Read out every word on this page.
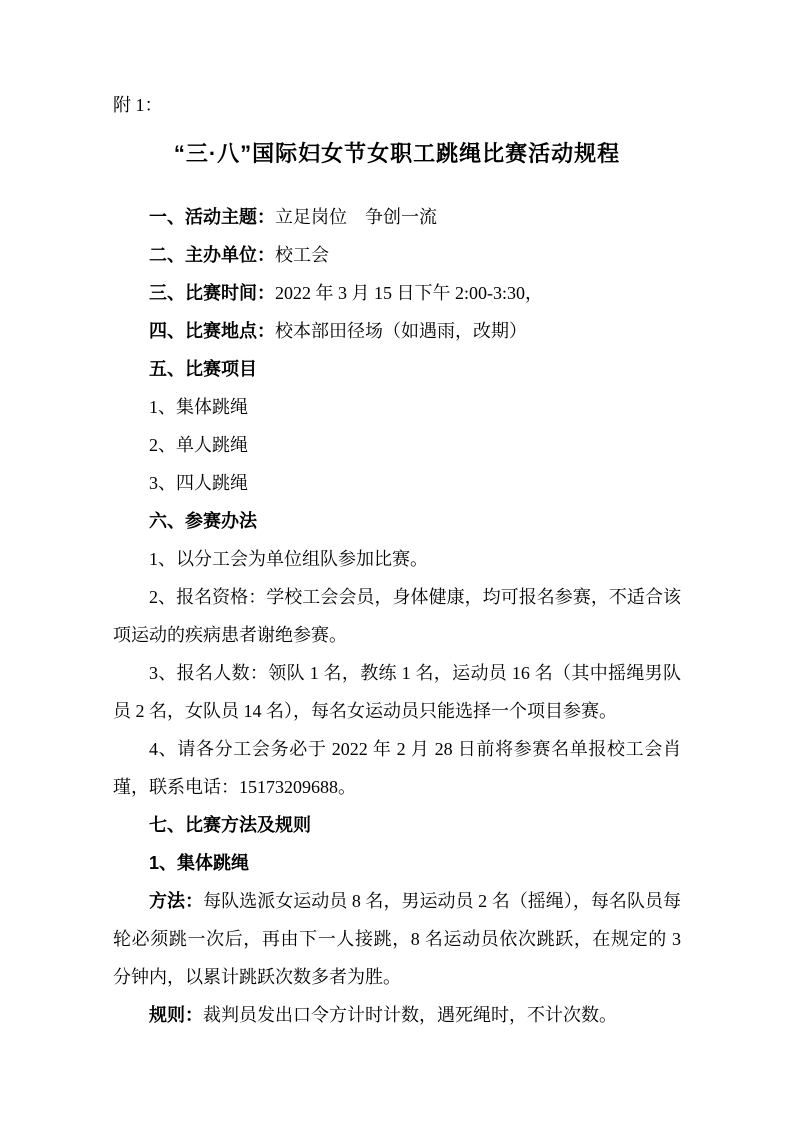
附 1：

“三·八”国际妇女节女职工跳绳比赛活动规程

一、活动主题：立足岗位　争创一流

二、主办单位：校工会

三、比赛时间：2022 年 3 月 15 日下午 2:00-3:30，

四、比赛地点：校本部田径场（如遇雨，改期）

五、比赛项目

1、集体跳绳

2、单人跳绳

3、四人跳绳

六、参赛办法

1、以分工会为单位组队参加比赛。

2、报名资格：学校工会会员，身体健康，均可报名参赛，不适合该项运动的疾病患者谢绝参赛。

3、报名人数：领队 1 名，教练 1 名，运动员 16 名（其中摇绳男队员 2 名，女队员 14 名），每名女运动员只能选择一个项目参赛。

4、请各分工会务必于 2022 年 2 月 28 日前将参赛名单报校工会肖瑾，联系电话：15173209688。

七、比赛方法及规则

1、集体跳绳

方法：每队选派女运动员 8 名，男运动员 2 名（摇绳），每名队员每轮必须跳一次后，再由下一人接跳，8 名运动员依次跳跃，在规定的 3 分钟内，以累计跳跃次数多者为胜。

规则：裁判员发出口令方计时计数，遇死绳时，不计次数。
